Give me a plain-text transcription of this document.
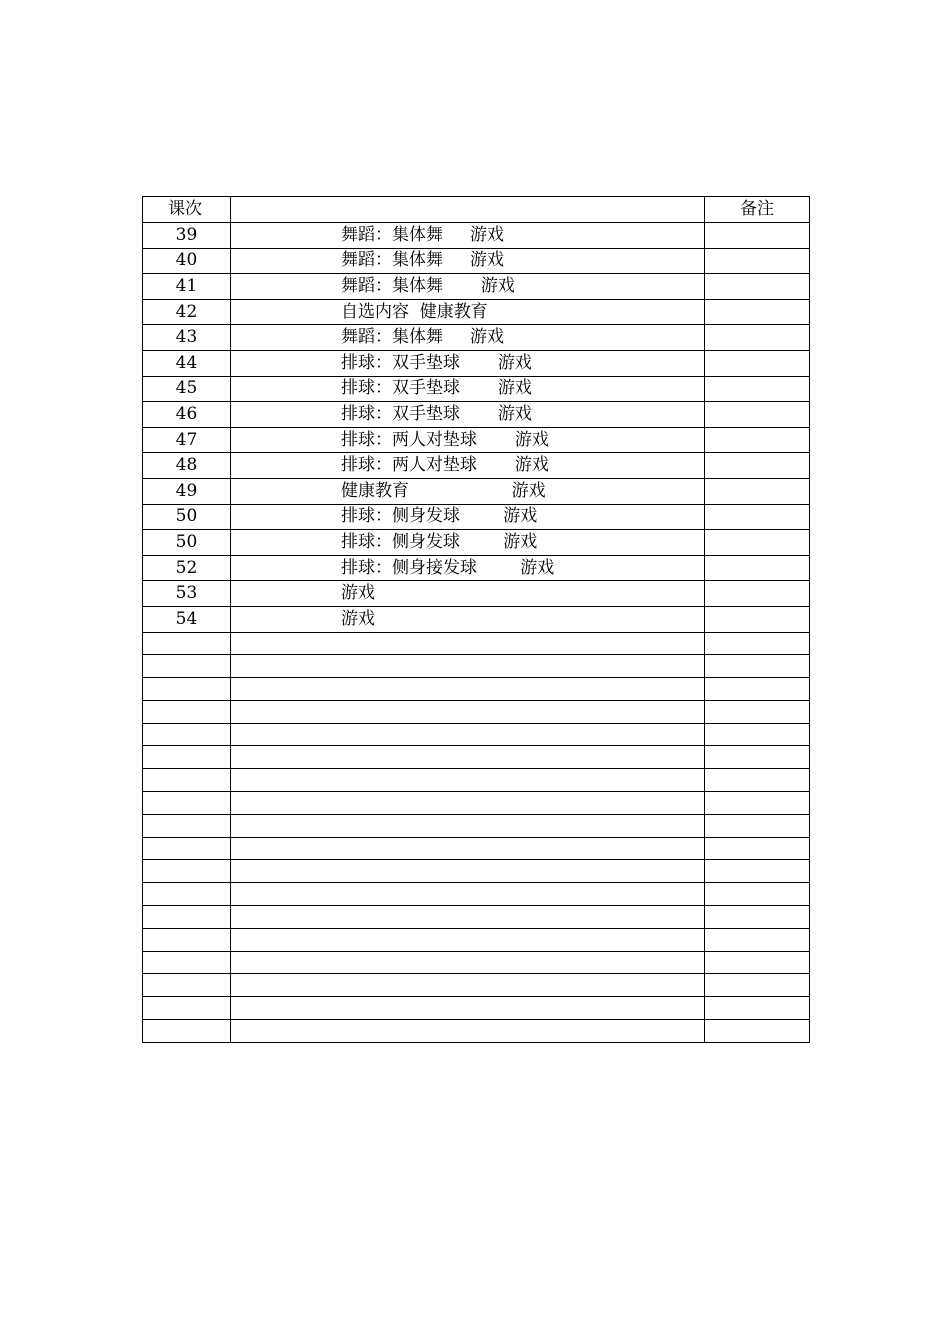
课次		备注
39	舞蹈：集体舞     游戏	
40	舞蹈：集体舞     游戏	
41	舞蹈：集体舞       游戏	
42	自选内容  健康教育	
43	舞蹈：集体舞     游戏	
44	排球：双手垫球       游戏	
45	排球：双手垫球       游戏	
46	排球：双手垫球       游戏	
47	排球：两人对垫球       游戏	
48	排球：两人对垫球       游戏	
49	健康教育                   游戏	
50	排球：侧身发球        游戏	
50	排球：侧身发球        游戏	
52	排球：侧身接发球        游戏	
53	游戏	
54	游戏	
